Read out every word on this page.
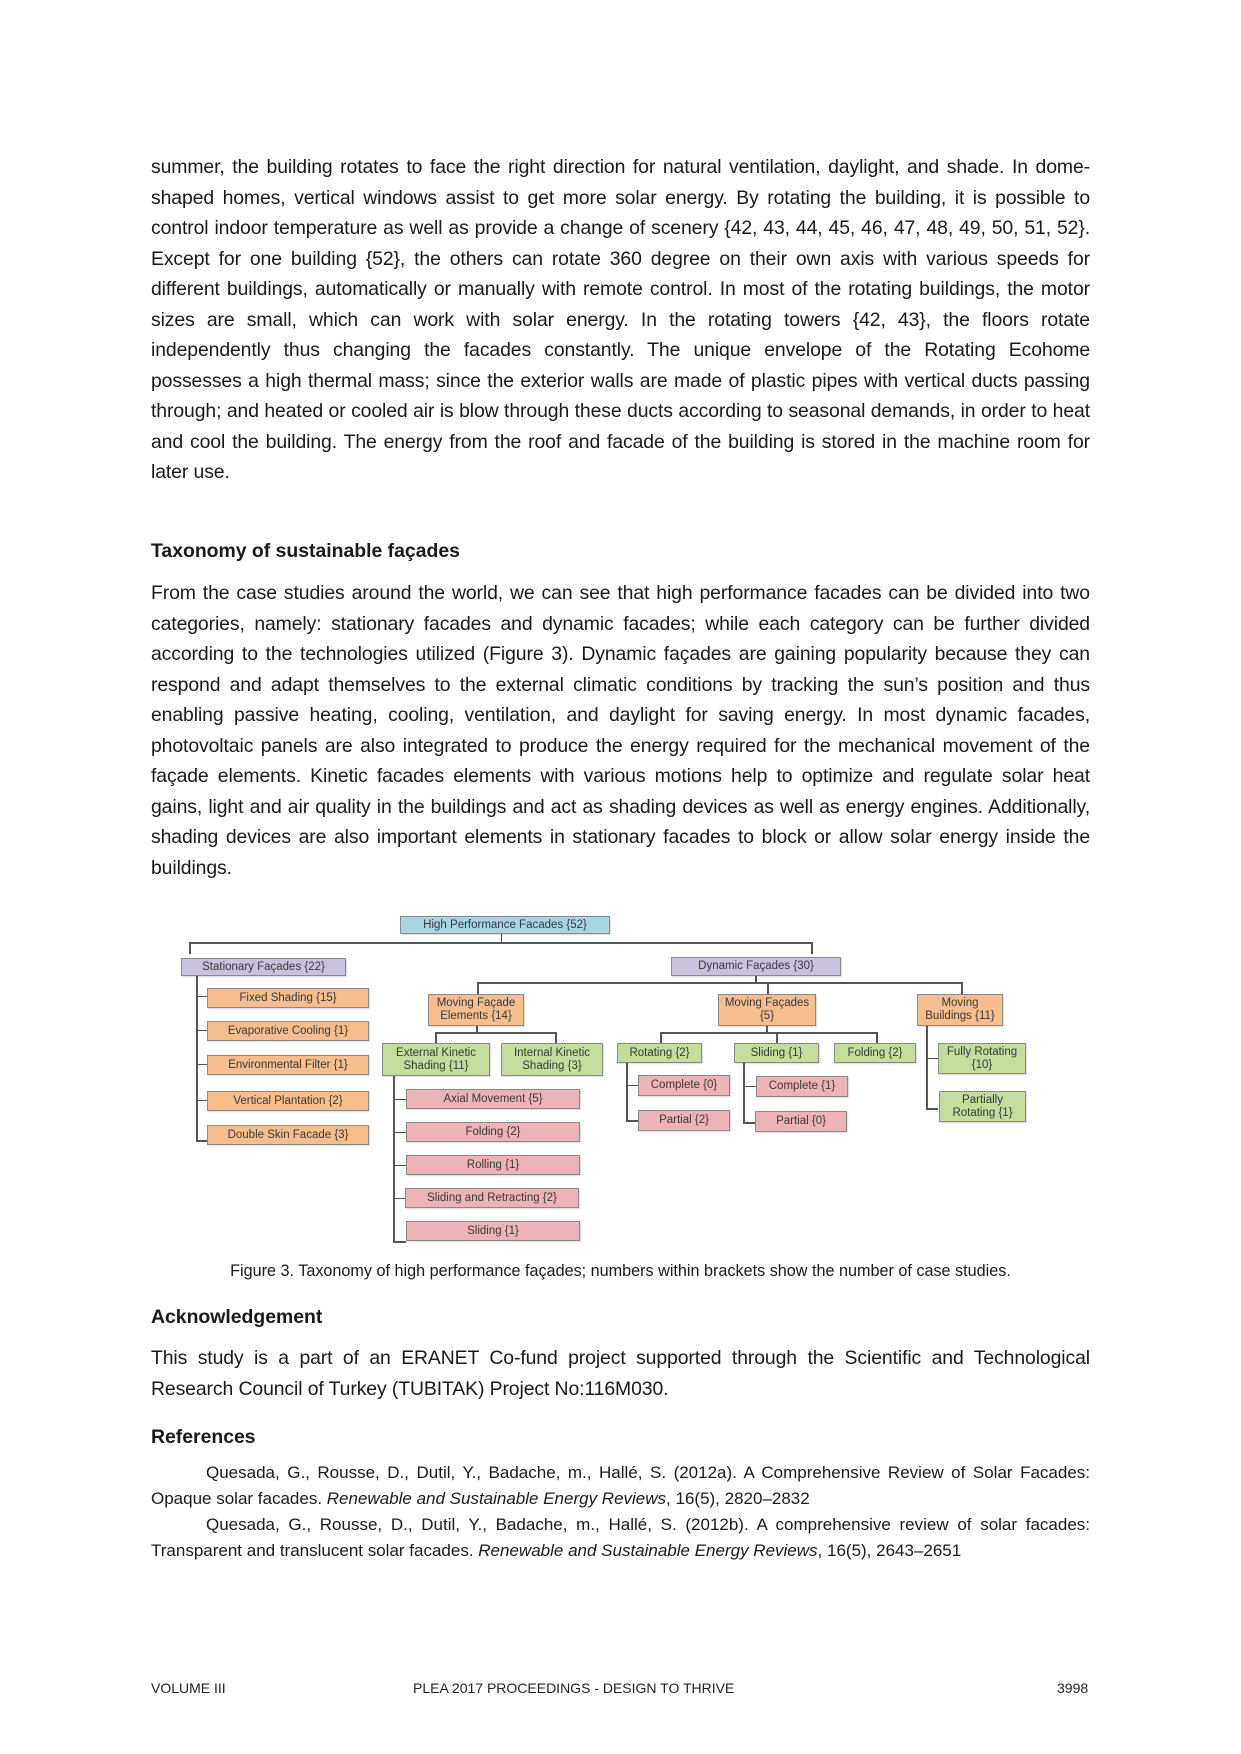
summer, the building rotates to face the right direction for natural ventilation, daylight, and shade. In dome-shaped homes, vertical windows assist to get more solar energy. By rotating the building, it is possible to control indoor temperature as well as provide a change of scenery {42, 43, 44, 45, 46, 47, 48, 49, 50, 51, 52}. Except for one building {52}, the others can rotate 360 degree on their own axis with various speeds for different buildings, automatically or manually with remote control. In most of the rotating buildings, the motor sizes are small, which can work with solar energy. In the rotating towers {42, 43}, the floors rotate independently thus changing the facades constantly. The unique envelope of the Rotating Ecohome possesses a high thermal mass; since the exterior walls are made of plastic pipes with vertical ducts passing through; and heated or cooled air is blow through these ducts according to seasonal demands, in order to heat and cool the building. The energy from the roof and facade of the building is stored in the machine room for later use.

Taxonomy of sustainable façades

From the case studies around the world, we can see that high performance facades can be divided into two categories, namely: stationary facades and dynamic facades; while each category can be further divided according to the technologies utilized (Figure 3). Dynamic façades are gaining popularity because they can respond and adapt themselves to the external climatic conditions by tracking the sun’s position and thus enabling passive heating, cooling, ventilation, and daylight for saving energy. In most dynamic facades, photovoltaic panels are also integrated to produce the energy required for the mechanical movement of the façade elements. Kinetic facades elements with various motions help to optimize and regulate solar heat gains, light and air quality in the buildings and act as shading devices as well as energy engines. Additionally, shading devices are also important elements in stationary facades to block or allow solar energy inside the buildings.

High Performance Facades {52}
Stationary Façades {22}
Fixed Shading {15}
Evaporative Cooling {1}
Environmental Filter {1}
Vertical Plantation {2}
Double Skin Facade {3}
Dynamic Façades {30}
Moving Façade Elements {14}
External Kinetic Shading {11}
Internal Kinetic Shading {3}
Axial Movement {5}
Folding {2}
Rolling {1}
Sliding and Retracting {2}
Sliding {1}
Moving Façades {5}
Rotating {2}	Sliding {1}	Folding {2}
Complete {0}
Partial {2}
Complete {1}
Partial {0}
Moving Buildings {11}
Fully Rotating {10}
Partially Rotating {1}

Figure 3. Taxonomy of high performance façades; numbers within brackets show the number of case studies.

Acknowledgement

This study is a part of an ERANET Co-fund project supported through the Scientific and Technological Research Council of Turkey (TUBITAK) Project No:116M030.

References

Quesada, G., Rousse, D., Dutil, Y., Badache, m., Hallé, S. (2012a). A Comprehensive Review of Solar Facades: Opaque solar facades. Renewable and Sustainable Energy Reviews, 16(5), 2820–2832

Quesada, G., Rousse, D., Dutil, Y., Badache, m., Hallé, S. (2012b). A comprehensive review of solar facades: Transparent and translucent solar facades. Renewable and Sustainable Energy Reviews, 16(5), 2643–2651

VOLUME III	PLEA 2017 PROCEEDINGS - DESIGN TO THRIVE	3998
